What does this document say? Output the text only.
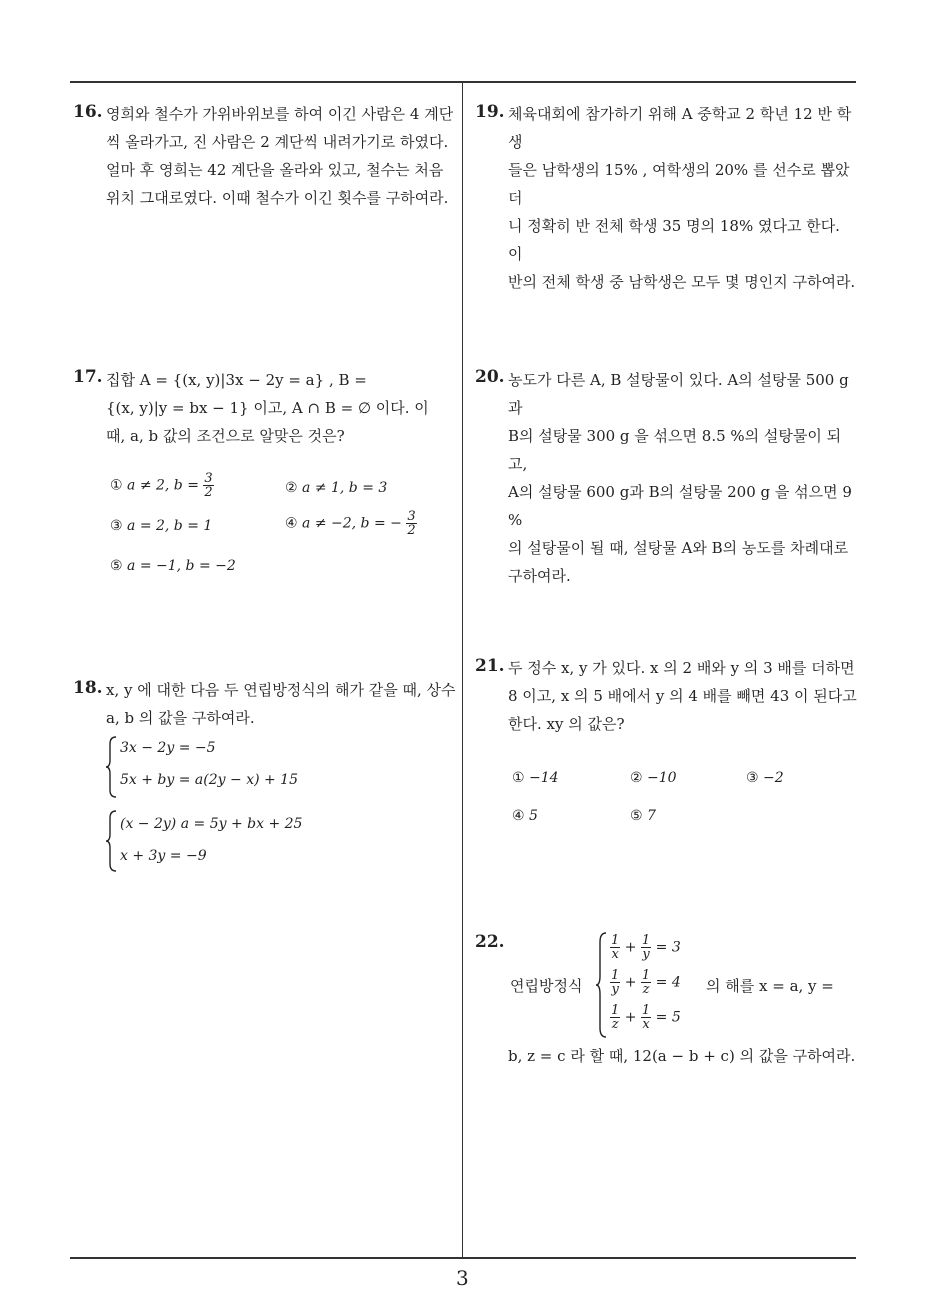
16. 영희와 철수가 가위바위보를 하여 이긴 사람은 4 계단
씩 올라가고, 진 사람은 2 계단씩 내려가기로 하였다.
얼마 후 영희는 42 계단을 올라와 있고, 철수는 처음
위치 그대로였다. 이때 철수가 이긴 횟수를 구하여라.
19. 체육대회에 참가하기 위해 A 중학교 2 학년 12 반 학생
들은 남학생의 15% , 여학생의 20% 를 선수로 뽑았더
니 정확히 반 전체 학생 35 명의 18% 였다고 한다. 이
반의 전체 학생 중 남학생은 모두 몇 명인지 구하여라.
17. 집합 A = {(x, y)|3x − 2y = a} , B =
{(x, y)|y = bx − 1} 이고, A ∩ B = ∅ 이다. 이
때, a, b 값의 조건으로 알맞은 것은?
① a ≠ 2, $b = \frac{3}{2}$	② a ≠ 1, b = 3
③ a = 2, b = 1	④ a ≠ −2, b = − $\frac{3}{2}$
⑤ a = −1, b = −2
20. 농도가 다른 A, B 설탕물이 있다. A의 설탕물 500 g과
B의 설탕물 300 g 을 섞으면 8.5 %의 설탕물이 되고,
A의 설탕물 600 g과 B의 설탕물 200 g 을 섞으면 9 %
의 설탕물이 될 때, 설탕물 A와 B의 농도를 차례대로
구하여라.
18. x, y 에 대한 다음 두 연립방정식의 해가 같을 때, 상수
a, b 의 값을 구하여라.
3x − 2y = −5
5x + by = a(2y − x) + 15
(x − 2y) a = 5y + bx + 25
x + 3y = −9
21. 두 정수 x, y 가 있다. x 의 2 배와 y 의 3 배를 더하면
8 이고, x 의 5 배에서 y 의 4 배를 빼면 43 이 된다고
한다. xy 의 값은?
① −14	② −10	③ −2
④ 5	⑤ 7
22.
연립방정식
$\frac{1}{x} + \frac{1}{y} = 3$
$\frac{1}{y} + \frac{1}{z} = 4$
$\frac{1}{z} + \frac{1}{x} = 5$
의 해를 x = a, y =
b, z = c 라 할 때, 12(a − b + c) 의 값을 구하여라.
3
